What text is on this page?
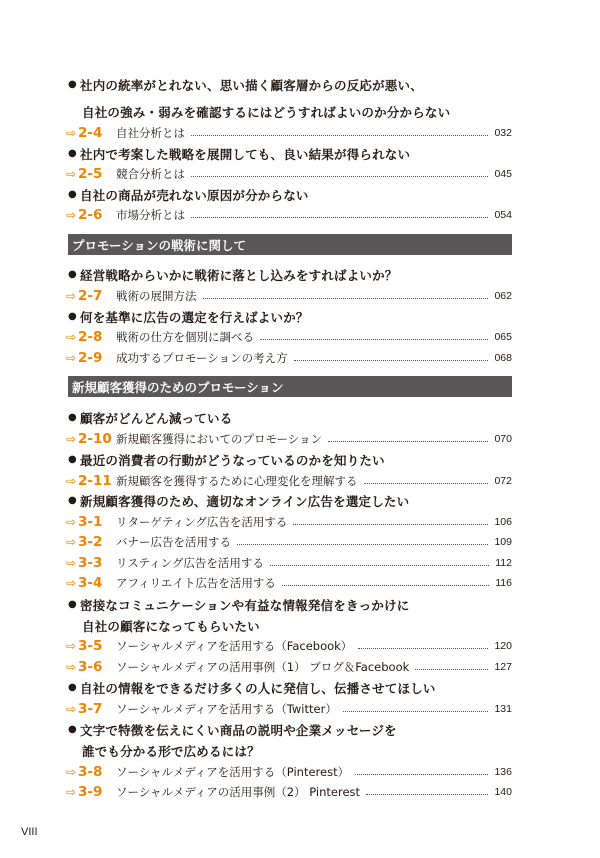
● 社内の統率がとれない、思い描く顧客層からの反応が悪い、
自社の強み・弱みを確認するにはどうすればよいのか分からない
⇨ 2-4	自社分析とは	032
● 社内で考案した戦略を展開しても、良い結果が得られない
⇨ 2-5	競合分析とは	045
● 自社の商品が売れない原因が分からない
⇨ 2-6	市場分析とは	054
プロモーションの戦術に関して
● 経営戦略からいかに戦術に落とし込みをすればよいか？
⇨ 2-7	戦術の展開方法	062
● 何を基準に広告の選定を行えばよいか？
⇨ 2-8	戦術の仕方を個別に調べる	065
⇨ 2-9	成功するプロモーションの考え方	068
新規顧客獲得のためのプロモーション
● 顧客がどんどん減っている
⇨ 2-10 新規顧客獲得においてのプロモーション	070
● 最近の消費者の行動がどうなっているのかを知りたい
⇨ 2-11 新規顧客を獲得するために心理変化を理解する	072
● 新規顧客獲得のため、適切なオンライン広告を選定したい
⇨ 3-1	リターゲティング広告を活用する	106
⇨ 3-2	バナー広告を活用する	109
⇨ 3-3	リスティング広告を活用する	112
⇨ 3-4	アフィリエイト広告を活用する	116
● 密接なコミュニケーションや有益な情報発信をきっかけに
自社の顧客になってもらいたい
⇨ 3-5	ソーシャルメディアを活用する（Facebook）	120
⇨ 3-6	ソーシャルメディアの活用事例（1） ブログ＆Facebook	127
● 自社の情報をできるだけ多くの人に発信し、伝播させてほしい
⇨ 3-7	ソーシャルメディアを活用する（Twitter）	131
● 文字で特徴を伝えにくい商品の説明や企業メッセージを
誰でも分かる形で広めるには？
⇨ 3-8	ソーシャルメディアを活用する（Pinterest）	136
⇨ 3-9	ソーシャルメディアの活用事例（2） Pinterest	140
VIII
